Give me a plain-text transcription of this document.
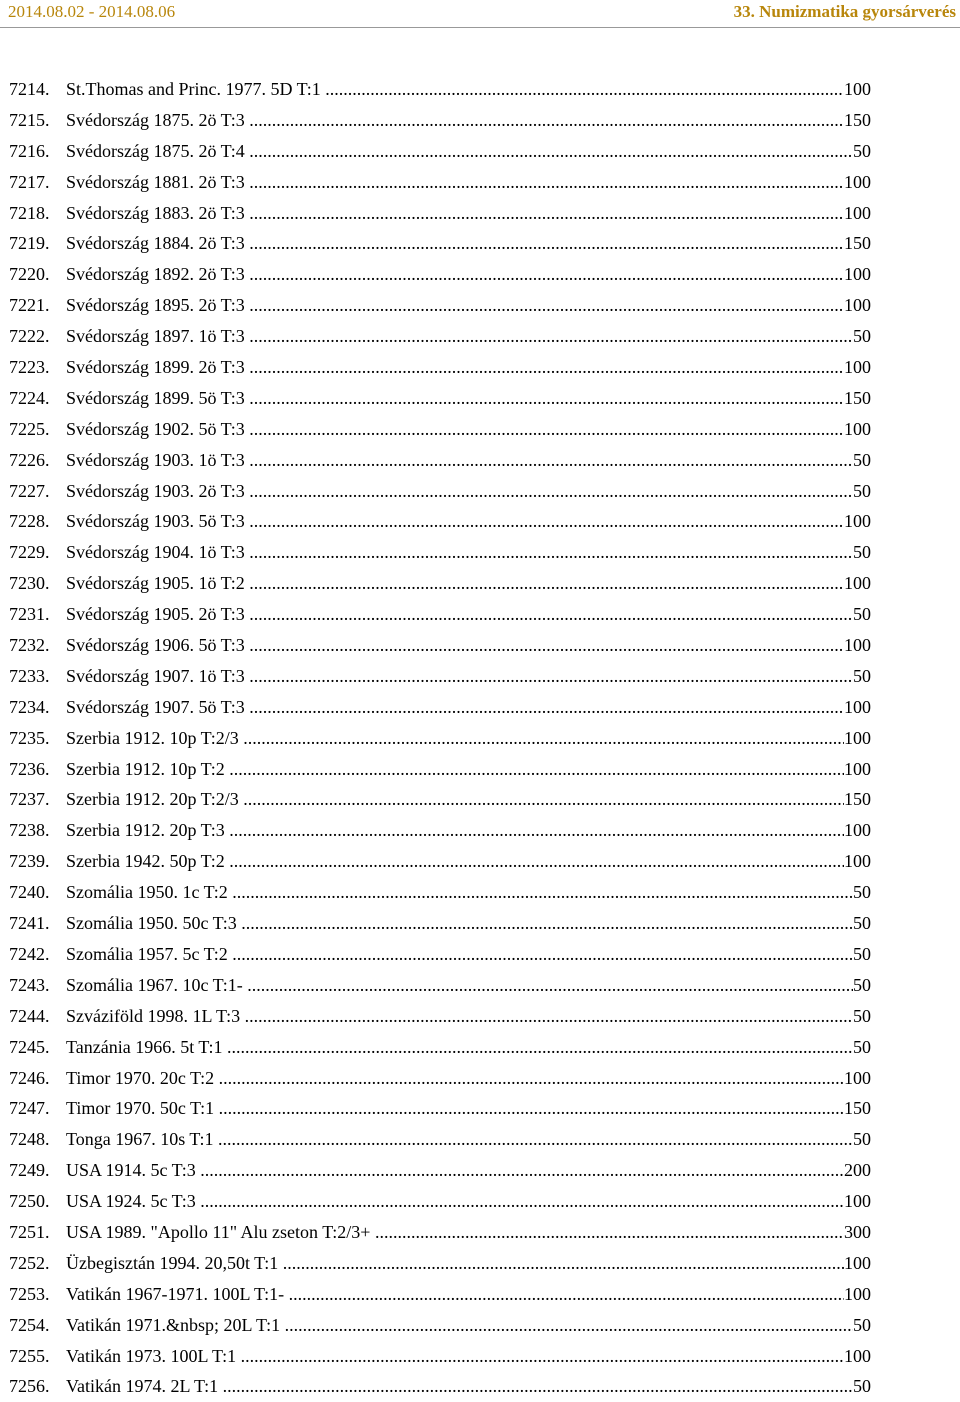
2014.08.02 - 2014.08.06	33. Numizmatika gyorsárverés
7214. St.Thomas and Princ. 1977. 5D T:1 .....	100
7215. Svédország 1875. 2ö T:3 .....	150
7216. Svédország 1875. 2ö T:4 .....	50
7217. Svédország 1881. 2ö T:3 .....	100
7218. Svédország 1883. 2ö T:3 .....	100
7219. Svédország 1884. 2ö T:3 .....	150
7220. Svédország 1892. 2ö T:3 .....	100
7221. Svédország 1895. 2ö T:3 .....	100
7222. Svédország 1897. 1ö T:3 .....	50
7223. Svédország 1899. 2ö T:3 .....	100
7224. Svédország 1899. 5ö T:3 .....	150
7225. Svédország 1902. 5ö T:3 .....	100
7226. Svédország 1903. 1ö T:3 .....	50
7227. Svédország 1903. 2ö T:3 .....	50
7228. Svédország 1903. 5ö T:3 .....	100
7229. Svédország 1904. 1ö T:3 .....	50
7230. Svédország 1905. 1ö T:2 .....	100
7231. Svédország 1905. 2ö T:3 .....	50
7232. Svédország 1906. 5ö T:3 .....	100
7233. Svédország 1907. 1ö T:3 .....	50
7234. Svédország 1907. 5ö T:3 .....	100
7235. Szerbia 1912. 10p T:2/3 .....	100
7236. Szerbia 1912. 10p T:2 .....	100
7237. Szerbia 1912. 20p T:2/3 .....	150
7238. Szerbia 1912. 20p T:3 .....	100
7239. Szerbia 1942. 50p T:2 .....	100
7240. Szomália 1950. 1c T:2 .....	50
7241. Szomália 1950. 50c T:3 .....	50
7242. Szomália 1957. 5c T:2 .....	50
7243. Szomália 1967. 10c T:1- .....	50
7244. Szváziföld 1998. 1L T:3 .....	50
7245. Tanzánia 1966. 5t T:1 .....	50
7246. Timor 1970. 20c T:2 .....	100
7247. Timor 1970. 50c T:1 .....	150
7248. Tonga 1967. 10s T:1 .....	50
7249. USA 1914. 5c T:3 .....	200
7250. USA 1924. 5c T:3 .....	100
7251. USA 1989. "Apollo 11" Alu zseton T:2/3+ .....	300
7252. Üzbegisztán 1994. 20,50t T:1 .....	100
7253. Vatikán 1967-1971. 100L T:1- .....	100
7254. Vatikán 1971.&nbsp; 20L T:1 .....	50
7255. Vatikán 1973. 100L T:1 .....	100
7256. Vatikán 1974. 2L T:1 .....	50
